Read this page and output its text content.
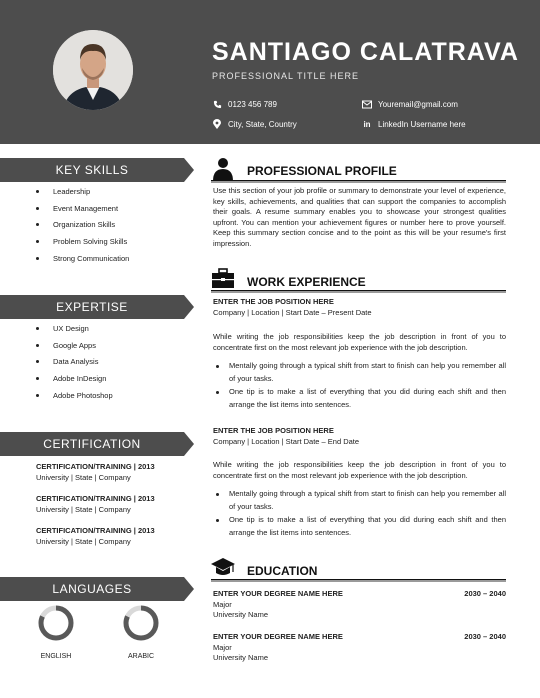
SANTIAGO CALATRAVA
PROFESSIONAL TITLE HERE
0123 456 789	Youremail@gmail.com
City, State, Country	in LinkedIn Username here
KEY SKILLS
Leadership
Event Management
Organization Skills
Problem Solving Skills
Strong Communication
EXPERTISE
UX Design
Google Apps
Data Analysis
Adobe InDesign
Adobe Photoshop
CERTIFICATION
CERTIFICATION/TRAINING | 2013
University | State | Company
CERTIFICATION/TRAINING | 2013
University | State | Company
CERTIFICATION/TRAINING | 2013
University | State | Company
LANGUAGES
ENGLISH	ARABIC
PROFESSIONAL PROFILE
Use this section of your job profile or summary to demonstrate your level of experience, key skills, achievements, and qualities that can support the companies to accomplish their goals. A resume summary enables you to showcase your strongest qualities upfront. You can mention your achievement figures or number here to prove yourself. Keep this summary section concise and to the point as this will be your resume's first impression.
WORK EXPERIENCE
ENTER THE JOB POSITION HERE
Company | Location | Start Date – Present Date
While writing the job responsibilities keep the job description in front of you to concentrate first on the most relevant job experience with the job description.
Mentally going through a typical shift from start to finish can help you remember all of your tasks.
One tip is to make a list of everything that you did during each shift and then arrange the list items into sentences.
ENTER THE JOB POSITION HERE
Company | Location | Start Date – End Date
While writing the job responsibilities keep the job description in front of you to concentrate first on the most relevant job experience with the job description.
Mentally going through a typical shift from start to finish can help you remember all of your tasks.
One tip is to make a list of everything that you did during each shift and then arrange the list items into sentences.
EDUCATION
ENTER YOUR DEGREE NAME HERE	2030 – 2040
Major
University Name
ENTER YOUR DEGREE NAME HERE	2030 – 2040
Major
University Name
